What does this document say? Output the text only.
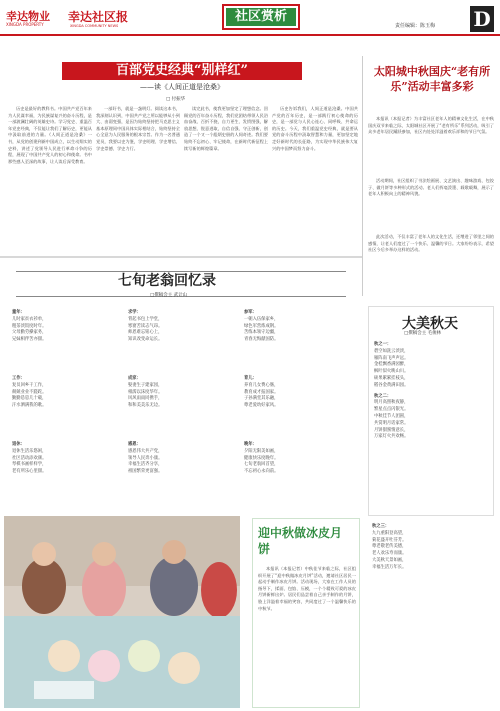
幸达物业
XINGDA PROPERTY
幸达社区报
XINGDA COMMUNITY NEWS
社区赏析
责任编辑：陈玉梅 D
百部党史经典“别样红”
——读《人间正道是沧桑》
□ 付振华
历史是最好的教科书。中国共产党百年来为人民谋幸福，为民族谋复兴的奋斗历程，是一部波澜壮阔的英雄史诗。学习党史、重温百年党史经典，不仅能让我们了解历史，更能从中汲取前进的力量。《人间正道是沧桑》一书，从党的创建到新中国成立，以生动翔实的史料，讲述了党领导人民进行革命斗争的历程，展现了中国共产党人的初心和使命。书中那些感人至深的故事，让人读后深受教育。
一部好书，就是一盏明灯。阅读这本书，我深刻认识到，中国共产党之所以能够从小到大、由弱变强，是因为始终坚持把马克思主义基本原理同中国具体实际相结合，始终坚持全心全意为人民服务的根本宗旨。作为一名普通党员，我要以史为鉴，学史明理、学史增信、学史崇德、学史力行。
读完此书，使我更加坚定了理想信念。回顾党的百年奋斗历程，我们党团结带领人民浴血奋战、百折不挠，自力更生、发愤图强，解放思想、锐意进取，自信自强、守正创新，创造了一个又一个彪炳史册的人间奇迹。我们要始终不忘初心、牢记使命，在新时代新征程上续写新的辉煌篇章。
历史告诉我们，人间正道是沧桑。中国共产党的百年历史，是一部践行初心使命的历史，是一部党与人民心连心、同呼吸、共命运的历史。今天，我们重温党史经典，就是要从党的奋斗历程中汲取智慧和力量，更加坚定地走好新时代的长征路，为实现中华民族伟大复兴的中国梦而努力奋斗。
太阳城中秋国庆“老有所乐”活动丰富多彩
本报讯（本报记者）为丰富社区老年人的精神文化生活，在中秋国庆双节来临之际，太阳城社区开展了“老有所乐”系列活动，吸引了众多老年居民踊跃参加，社区内处处洋溢着欢乐祥和的节日气氛。
活动期间，社区组织了书法绘画展、文艺演出、趣味游戏、包饺子、做月饼等多种形式的活动。老人们挥毫泼墨、载歌载舞，展示了老年人积极向上的精神风貌。
此次活动，不仅丰富了老年人的文化生活，还增进了邻里之间的感情，让老人们度过了一个快乐、温馨的节日。大家纷纷表示，希望社区今后多举办这样的活动。
七旬老翁回忆录
□撰稿会主 武计山
童年：
儿时家贫衣衫单，
粗茶淡饭度时年。
父母勤劳操家务，
兄妹相伴苦亦甜。
求学：
背起书包上学堂，
寒窗苦读志气昂。
师恩难忘铭心上，
知识改变命运长。
参军：
一朝入伍保家乡，
绿色军营炼成钢。
苦练本领守边疆，
青春无悔献国防。
工作：
复员回乡干工作，
兢兢业业不蹉跎。
勤勤恳恳几十载，
汗水洒满我的歌。
成家：
娶妻生子建家园，
相濡以沫度华年。
风风雨雨同携手，
和和美美乐无边。
育儿：
养育儿女费心肠，
教育成才报国家。
子孙满堂其乐融，
尊老爱幼好家风。
退休：
退休生活乐悠闲，
社区活动添欢颜。
琴棋书画样样学，
老有所乐心里甜。
感恩：
感恩伟大共产党，
领导人民奔小康。
幸福生活齐分享，
祖国繁荣更富强。
晚年：
夕阳无限美如画，
健康快乐度晚年。
七旬老翁回首望，
不忘初心永向前。
大美秋天
□撰稿会主 毛俊林
秋之一：
碧空如洗云淡淡，
雁阵南飞声声远。
金桂飘香满园醉，
枫叶似火映山川。
硕果累累挂枝头，
稻谷金黄满田园。
秋之二：
明月高照秋夜静，
繁星点点闪银光。
中秋佳节人团圆，
共赏明月话家常。
月饼甜蜜情意长，
万家灯火共欢畅。
秋之三：
九九重阳登高望，
菊花盛开吐芬芳。
尊老敬老传美德，
老人欢乐寿而康。
大美秋天景如画，
幸福生活万年长。
迎中秋做冰皮月饼
本报讯（本报记者）中秋佳节来临之际，社区组织开展了“迎中秋做冰皮月饼”活动，邀请社区居民一起动手制作冰皮月饼。活动现场，大家在工作人员的指导下，揉面、包馅、压模，一个个精致可爱的冰皮月饼新鲜出炉。居民们品尝着自己亲手制作的月饼，脸上洋溢着幸福的笑容，共同度过了一个温馨快乐的中秋节。
